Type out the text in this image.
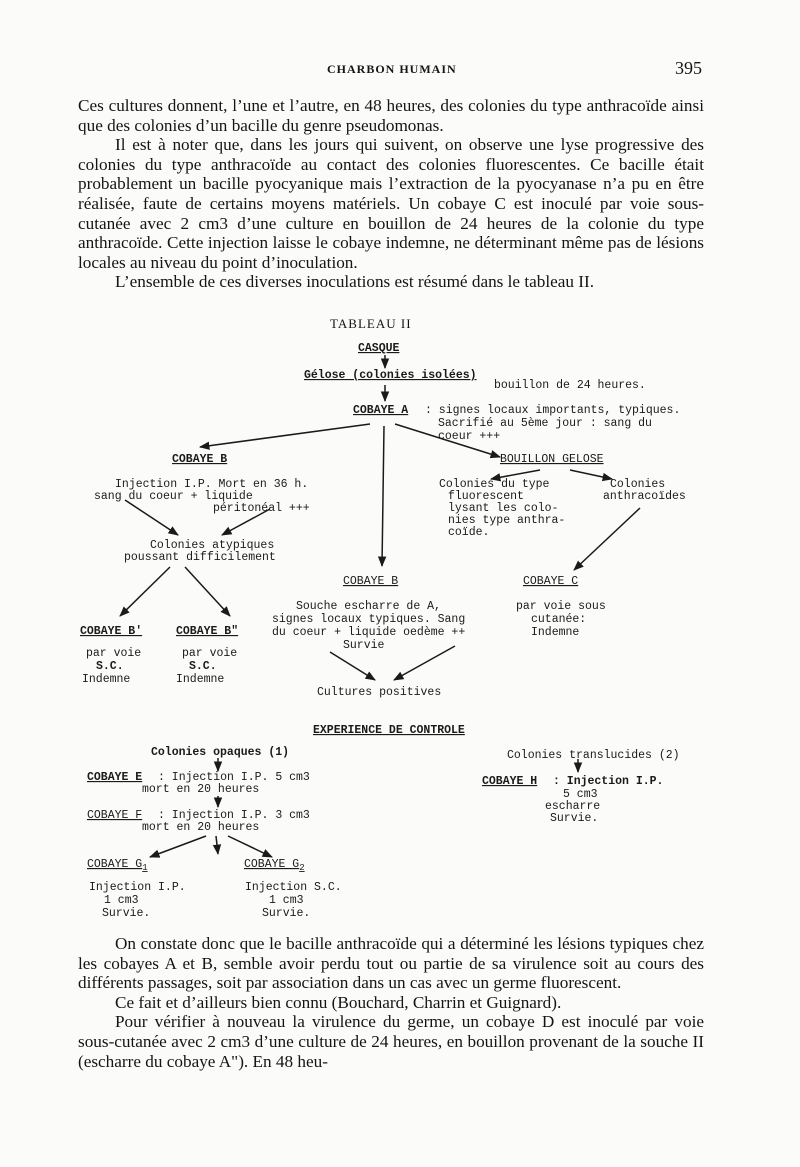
CHARBON HUMAIN	395

Ces cultures donnent, l’une et l’autre, en 48 heures, des colonies du type anthracoïde ainsi que des colonies d’un bacille du genre pseudomonas.

Il est à noter que, dans les jours qui suivent, on observe une lyse progressive des colonies du type anthracoïde au contact des colonies fluorescentes. Ce bacille était probablement un bacille pyocyanique mais l’extraction de la pyocyanase n’a pu en être réalisée, faute de certains moyens matériels. Un cobaye C est inoculé par voie sous-cutanée avec 2 cm3 d’une culture en bouillon de 24 heures de la colonie du type anthracoïde. Cette injection laisse le cobaye indemne, ne déterminant même pas de lésions locales au niveau du point d’inoculation.

L’ensemble de ces diverses inoculations est résumé dans le tableau II.

TABLEAU II
CASQUE
Gélose (colonies isolées)
bouillon de 24 heures.
COBAYE A : signes locaux importants, typiques.
Sacrifié au 5ème jour : sang du
coeur +++
COBAYE B
Injection I.P. Mort en 36 h.
sang du coeur + liquide
péritonéal +++
Colonies atypiques
poussant difficilement
COBAYE B'
par voie
S.C.
Indemne
COBAYE B"
par voie
S.C.
Indemne
COBAYE B
Souche escharre de A,
signes locaux typiques. Sang
du coeur + liquide oedème ++
Survie
Cultures positives
BOUILLON GELOSE
Colonies du type
fluorescent
lysant les colo-
nies type anthra-
coïde.
Colonies
anthracoïdes
COBAYE C
par voie sous
cutanée:
Indemne
EXPERIENCE DE CONTROLE
Colonies opaques (1)
COBAYE E : Injection I.P. 5 cm3
mort en 20 heures
COBAYE F : Injection I.P. 3 cm3
mort en 20 heures
COBAYE $G_1$
Injection I.P.
1 cm3
Survie.
COBAYE $G_2$
Injection S.C.
1 cm3
Survie.
Colonies translucides (2)
COBAYE H : Injection I.P.
5 cm3
escharre
Survie.

On constate donc que le bacille anthracoïde qui a déterminé les lésions typiques chez les cobayes A et B, semble avoir perdu tout ou partie de sa virulence soit au cours des différents passages, soit par association dans un cas avec un germe fluorescent.

Ce fait et d’ailleurs bien connu (Bouchard, Charrin et Guignard).

Pour vérifier à nouveau la virulence du germe, un cobaye D est inoculé par voie sous-cutanée avec 2 cm3 d’une culture de 24 heures, en bouillon provenant de la souche II (escharre du cobaye A"). En 48 heu-
